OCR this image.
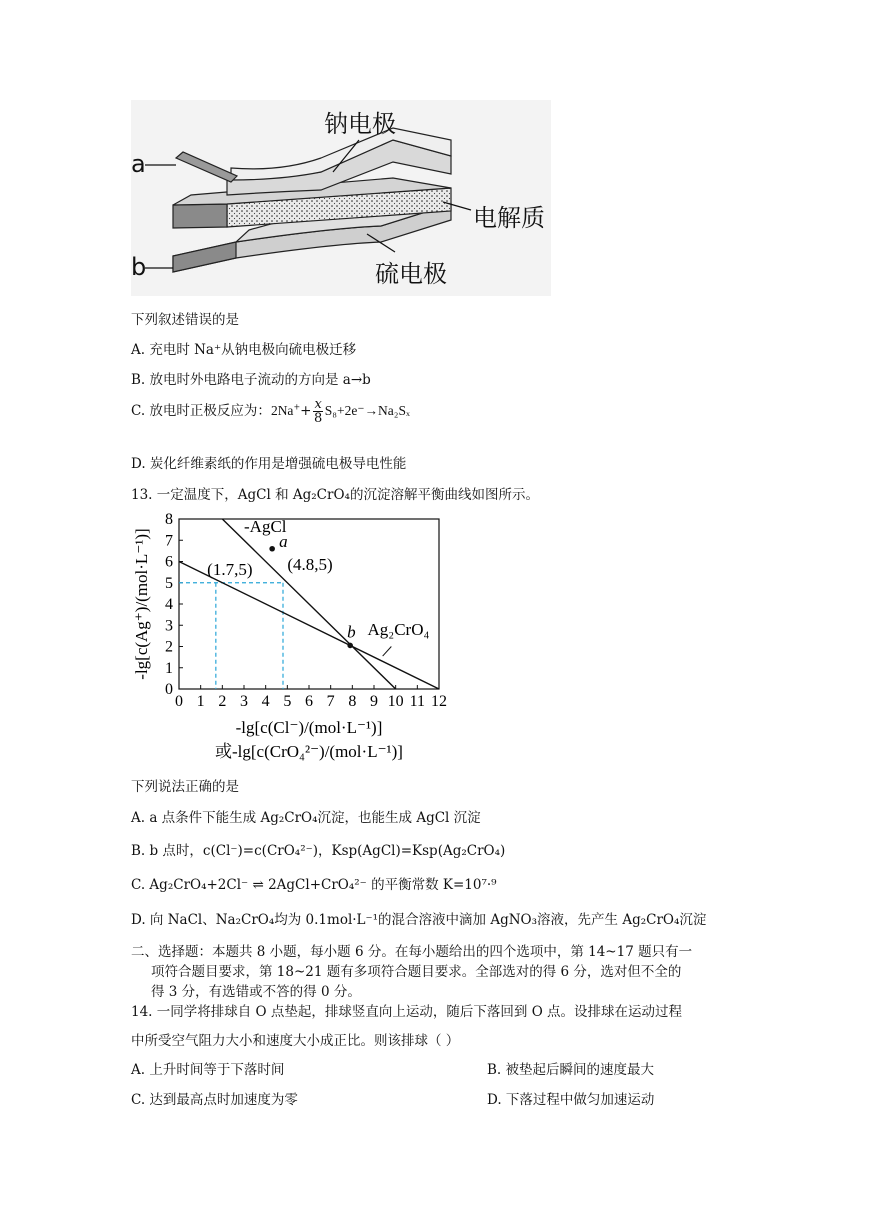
钠电极
电解质
硫电极
a
b
下列叙述错误的是
A. 充电时 Na⁺从钠电极向硫电极迁移
B. 放电时外电路电子流动的方向是 a→b
C. 放电时正极反应为：$2Na^++ \frac{x}{8} S_8+2e^-\to Na_2S_x$
D. 炭化纤维素纸的作用是增强硫电极导电性能
13. 一定温度下，AgCl 和 Ag₂CrO₄的沉淀溶解平衡曲线如图所示。
0 1 2 3 4 5 6 7 8 9 10 11 12
0
1
2
3
4
5
6
7
8
a
b
(1.7,5) (4.8,5)
-AgCl
Ag₂CrO₄
-lg[c(Ag⁺)/(mol·L⁻¹)]
-lg[c(Cl⁻)/(mol·L⁻¹)]
或-lg[c(CrO₄²⁻)/(mol·L⁻¹)]
下列说法正确的是
A. a 点条件下能生成 Ag₂CrO₄沉淀，也能生成 AgCl 沉淀
B. b 点时，c(Cl⁻)=c(CrO₄²⁻)，Ksp(AgCl)=Ksp(Ag₂CrO₄)
C. Ag₂CrO₄+2Cl⁻ ⇌ 2AgCl+CrO₄²⁻ 的平衡常数 K=10⁷·⁹
D. 向 NaCl、Na₂CrO₄均为 0.1mol·L⁻¹的混合溶液中滴加 AgNO₃溶液，先产生 Ag₂CrO₄沉淀
二、选择题：本题共 8 小题，每小题 6 分。在每小题给出的四个选项中，第 14~17 题只有一
项符合题目要求，第 18~21 题有多项符合题目要求。全部选对的得 6 分，选对但不全的
得 3 分，有选错或不答的得 0 分。
14. 一同学将排球自 O 点垫起，排球竖直向上运动，随后下落回到 O 点。设排球在运动过程
中所受空气阻力大小和速度大小成正比。则该排球（ ）
A. 上升时间等于下落时间	B. 被垫起后瞬间的速度最大
C. 达到最高点时加速度为零	D. 下落过程中做匀加速运动
